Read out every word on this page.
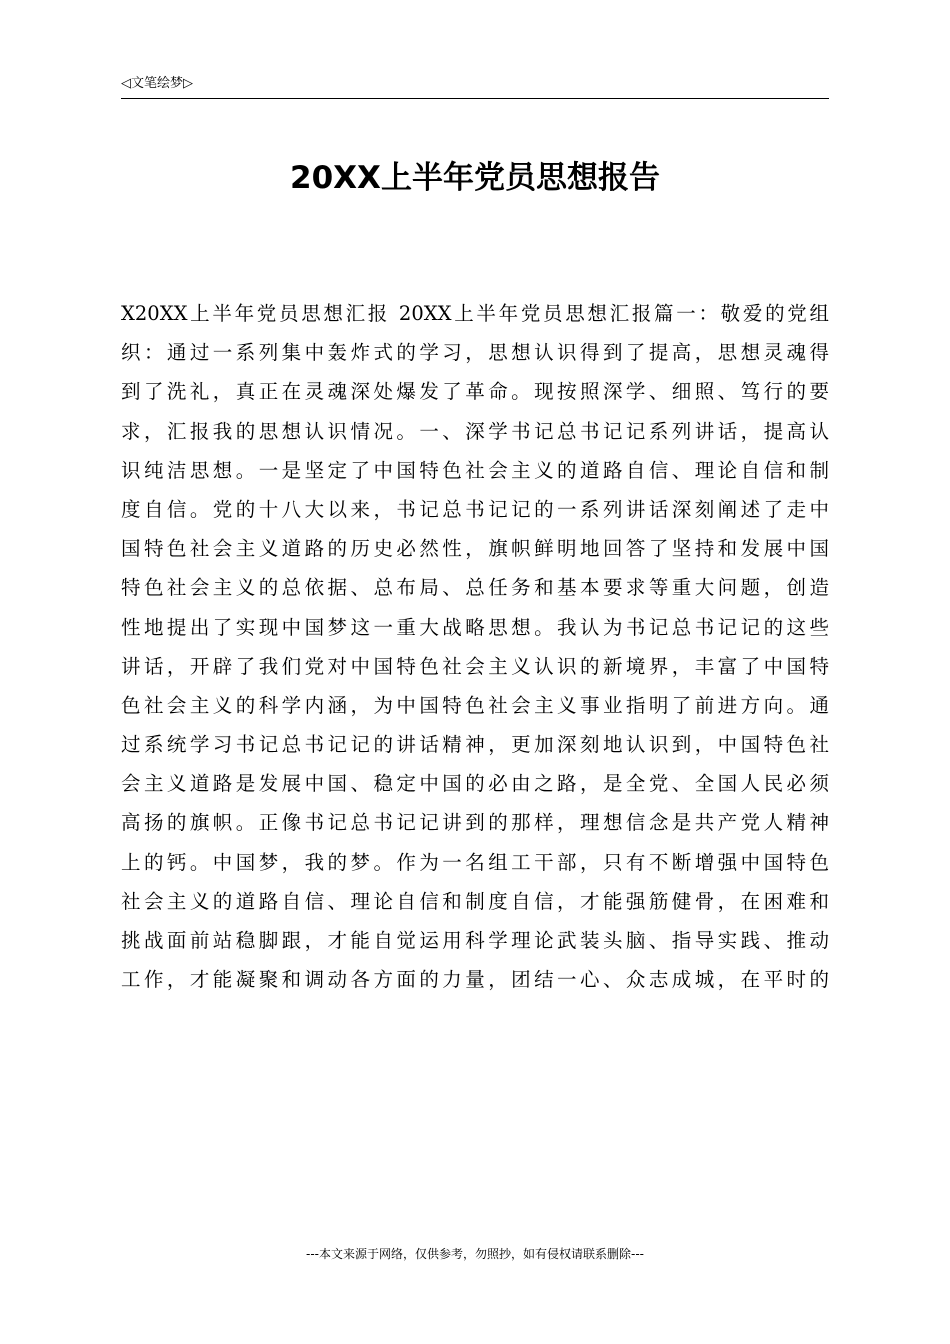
◁文笔绘梦▷
20XX上半年党员思想报告
X20XX上半年党员思想汇报 20XX上半年党员思想汇报篇一：敬爱的党组
织：通过一系列集中轰炸式的学习，思想认识得到了提高，思想灵魂得
到了洗礼，真正在灵魂深处爆发了革命。现按照深学、细照、笃行的要
求，汇报我的思想认识情况。一、深学书记总书记记系列讲话，提高认
识纯洁思想。一是坚定了中国特色社会主义的道路自信、理论自信和制
度自信。党的十八大以来，书记总书记记的一系列讲话深刻阐述了走中
国特色社会主义道路的历史必然性，旗帜鲜明地回答了坚持和发展中国
特色社会主义的总依据、总布局、总任务和基本要求等重大问题，创造
性地提出了实现中国梦这一重大战略思想。我认为书记总书记记的这些
讲话，开辟了我们党对中国特色社会主义认识的新境界，丰富了中国特
色社会主义的科学内涵，为中国特色社会主义事业指明了前进方向。通
过系统学习书记总书记记的讲话精神，更加深刻地认识到，中国特色社
会主义道路是发展中国、稳定中国的必由之路，是全党、全国人民必须
高扬的旗帜。正像书记总书记记讲到的那样，理想信念是共产党人精神
上的钙。中国梦，我的梦。作为一名组工干部，只有不断增强中国特色
社会主义的道路自信、理论自信和制度自信，才能强筋健骨，在困难和
挑战面前站稳脚跟，才能自觉运用科学理论武装头脑、指导实践、推动
工作，才能凝聚和调动各方面的力量，团结一心、众志成城，在平时的
---本文来源于网络，仅供参考，勿照抄，如有侵权请联系删除---
